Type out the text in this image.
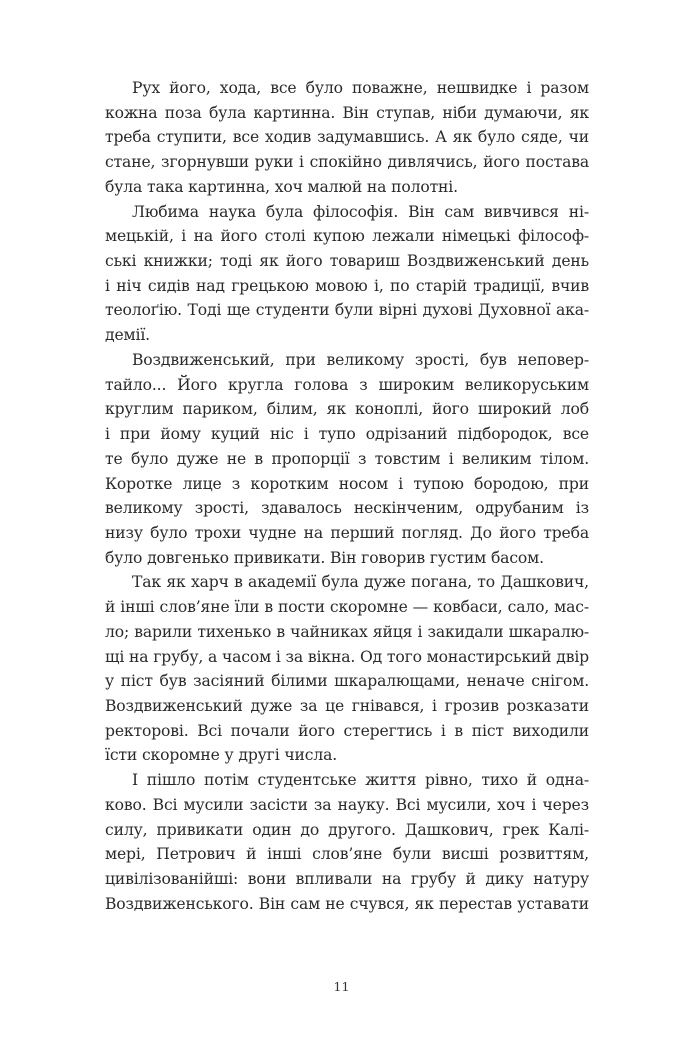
Рух його, хода, все було поважне, нешвидке і разом
кожна поза була картинна. Він ступав, ніби думаючи, як
треба ступити, все ходив задумавшись. А як було сяде, чи
стане, згорнувши руки і спокійно дивлячись, його постава
була така картинна, хоч малюй на полотні.

Любима наука була філософія. Він сам вивчився ні-
мецькій, і на його столі купою лежали німецькі філософ-
ські книжки; тоді як його товариш Воздвиженський день
і ніч сидів над грецькою мовою і, по старій традиції, вчив
теолоґію. Тоді ще студенти були вірні духові Духовної ака-
демії.

Воздвиженський, при великому зрості, був неповер-
тайло... Його кругла голова з широким великоруським
круглим париком, білим, як коноплі, його широкий лоб
і при йому куций ніс і тупо одрізаний підбородок, все
те було дуже не в пропорції з товстим і великим тілом.
Коротке лице з коротким носом і тупою бородою, при
великому зрості, здавалось нескінченим, одрубаним із
низу було трохи чудне на перший погляд. До його треба
було довгенько привикати. Він говорив густим басом.

Так як харч в академії була дуже погана, то Дашкович,
й інші слов’яне їли в пости скоромне — ковбаси, сало, мас-
ло; варили тихенько в чайниках яйця і закидали шкаралю-
щі на грубу, а часом і за вікна. Од того монастирський двір
у піст був засіяний білими шкаралющами, неначе снігом.
Воздвиженський дуже за це гнівався, і грозив розказати
ректорові. Всі почали його стерегтись і в піст виходили
їсти скоромне у другі числа.

І пішло потім студентське життя рівно, тихо й одна-
ково. Всі мусили засісти за науку. Всі мусили, хоч і через
силу, привикати один до другого. Дашкович, грек Калі-
мері, Петрович й інші слов’яне були висші розвиттям,
цивілізованійші: вони впливали на грубу й дику натуру
Воздвиженського. Він сам не счувся, як перестав уставати

11
